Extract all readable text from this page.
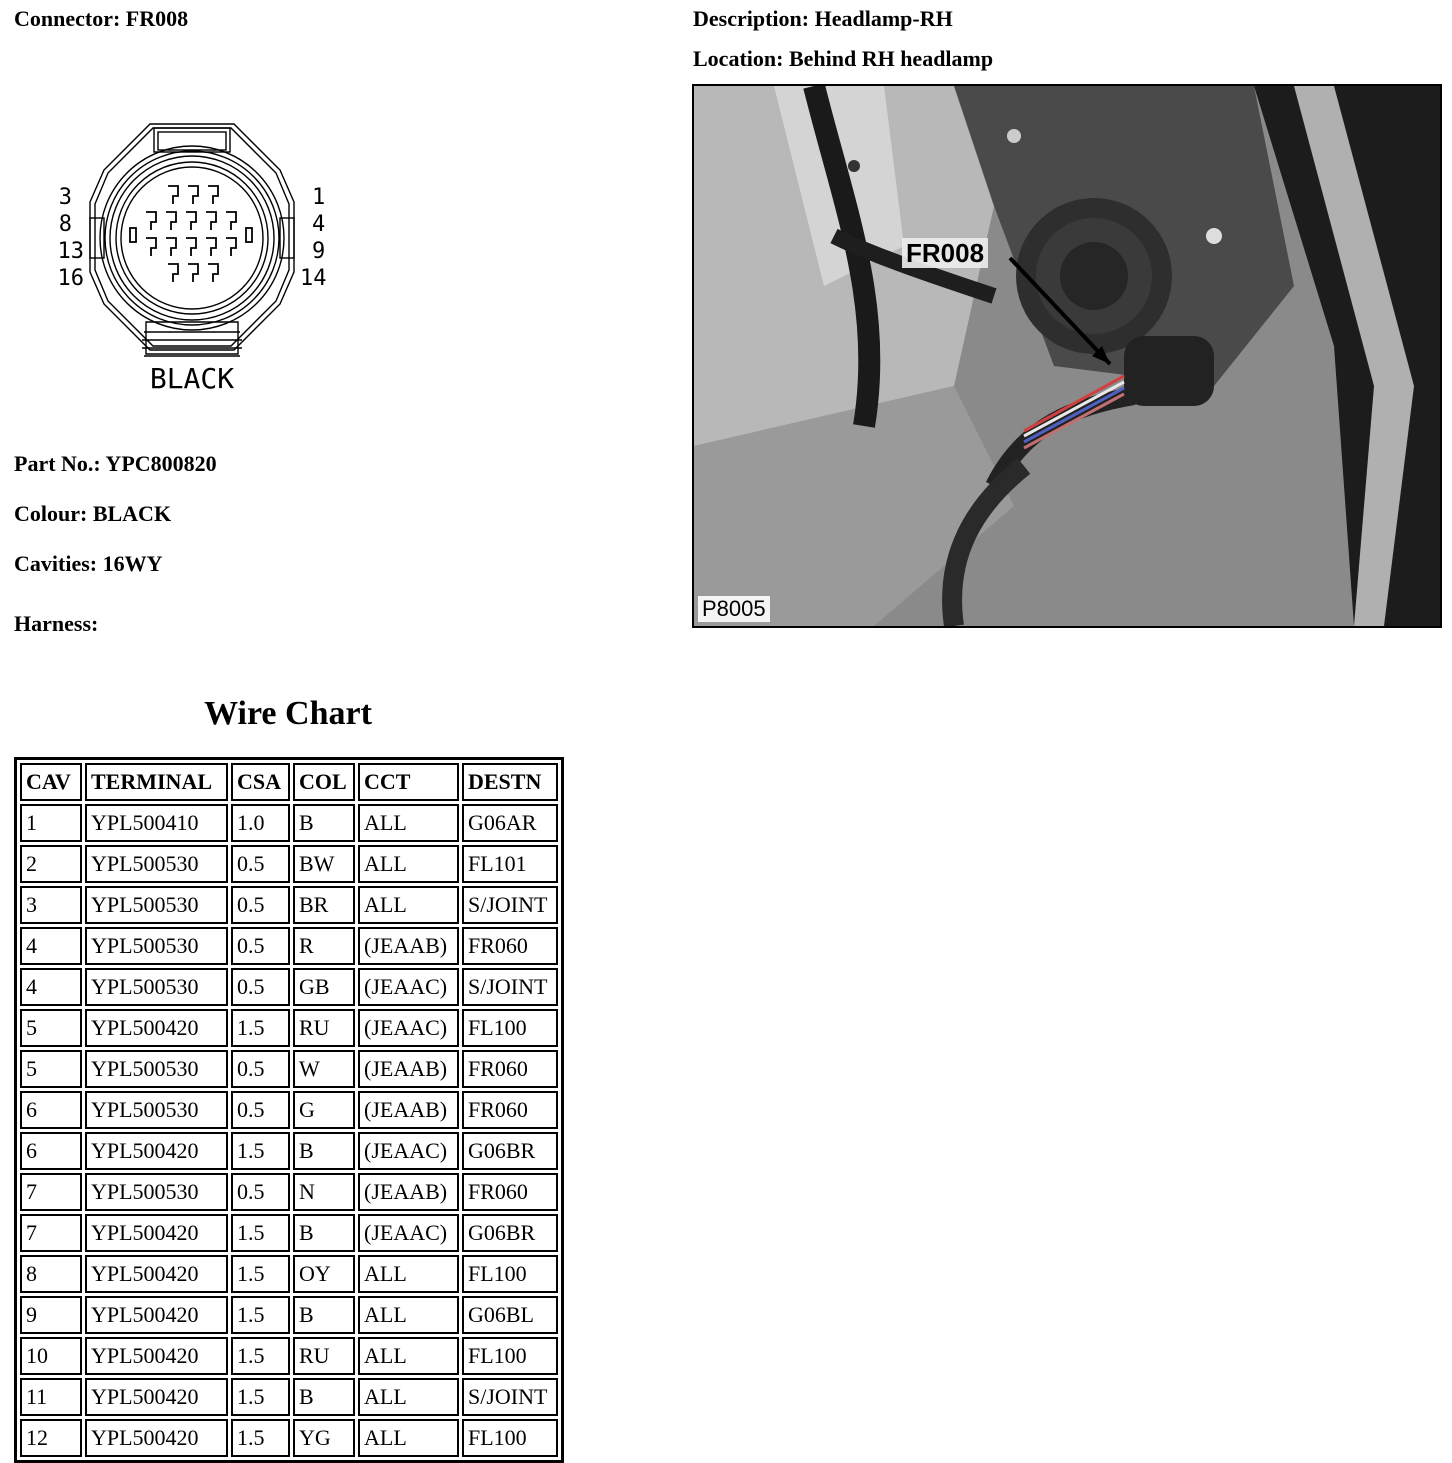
Connector: FR008	Description: Headlamp-RH
Location: Behind RH headlamp
3
8
13
16
1
4
9
14
BLACK
FR008
P8005
Part No.: YPC800820
Colour: BLACK
Cavities: 16WY
Harness:
Wire Chart
CAV	TERMINAL	CSA	COL	CCT	DESTN
1	YPL500410	1.0	B	ALL	G06AR
2	YPL500530	0.5	BW	ALL	FL101
3	YPL500530	0.5	BR	ALL	S/JOINT
4	YPL500530	0.5	R	(JEAAB)	FR060
4	YPL500530	0.5	GB	(JEAAC)	S/JOINT
5	YPL500420	1.5	RU	(JEAAC)	FL100
5	YPL500530	0.5	W	(JEAAB)	FR060
6	YPL500530	0.5	G	(JEAAB)	FR060
6	YPL500420	1.5	B	(JEAAC)	G06BR
7	YPL500530	0.5	N	(JEAAB)	FR060
7	YPL500420	1.5	B	(JEAAC)	G06BR
8	YPL500420	1.5	OY	ALL	FL100
9	YPL500420	1.5	B	ALL	G06BL
10	YPL500420	1.5	RU	ALL	FL100
11	YPL500420	1.5	B	ALL	S/JOINT
12	YPL500420	1.5	YG	ALL	FL100
